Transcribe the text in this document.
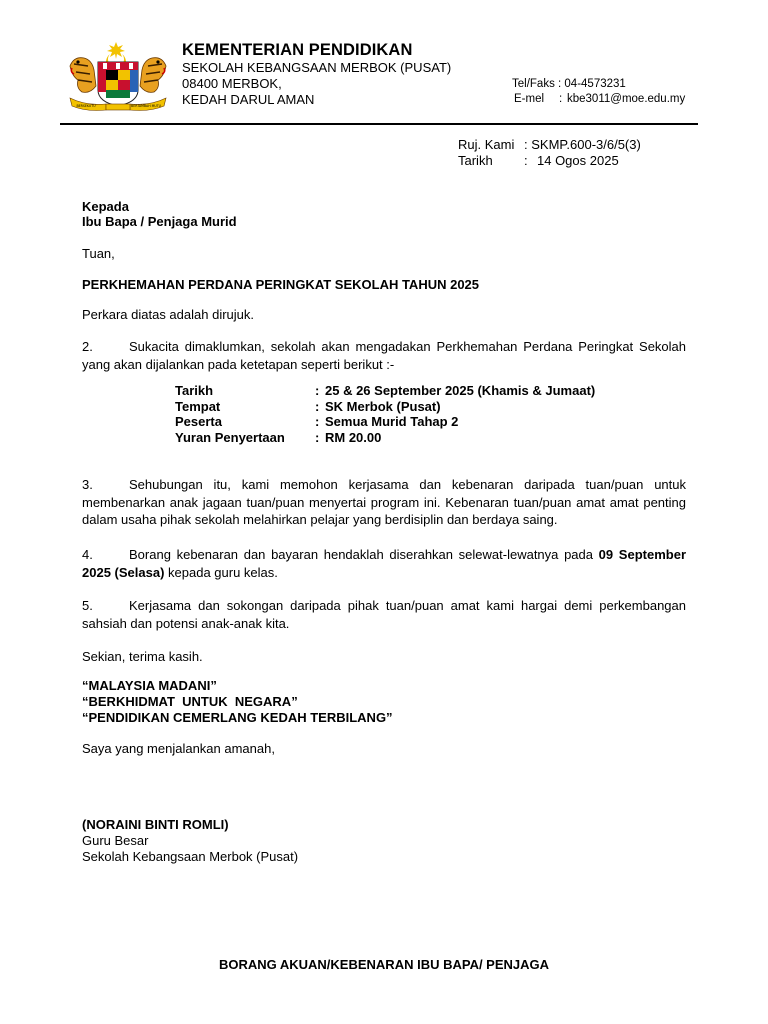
BERSEKUTU	BERTAMBAH MUTU
KEMENTERIAN PENDIDIKAN
SEKOLAH KEBANGSAAN MERBOK (PUSAT)
08400 MERBOK,
KEDAH DARUL AMAN
Tel/Faks : 04-4573231
E-mel : kbe3011@moe.edu.my
Ruj. Kami : SKMP.600-3/6/5(3)
Tarikh : 14 Ogos 2025
Kepada
Ibu Bapa / Penjaga Murid
Tuan,
PERKHEMAHAN PERDANA PERINGKAT SEKOLAH TAHUN 2025
Perkara diatas adalah dirujuk.
2.	Sukacita dimaklumkan, sekolah akan mengadakan Perkhemahan Perdana Peringkat Sekolah yang akan dijalankan pada ketetapan seperti berikut :-
Tarikh	: 25 & 26 September 2025 (Khamis & Jumaat)
Tempat	: SK Merbok (Pusat)
Peserta	: Semua Murid Tahap 2
Yuran Penyertaan : RM 20.00
3.	Sehubungan itu, kami memohon kerjasama dan kebenaran daripada tuan/puan untuk membenarkan anak jagaan tuan/puan menyertai program ini. Kebenaran tuan/puan amat amat penting dalam usaha pihak sekolah melahirkan pelajar yang berdisiplin dan berdaya saing.
4.	Borang kebenaran dan bayaran hendaklah diserahkan selewat-lewatnya pada 09 September 2025 (Selasa) kepada guru kelas.
5.	Kerjasama dan sokongan daripada pihak tuan/puan amat kami hargai demi perkembangan sahsiah dan potensi anak-anak kita.
Sekian, terima kasih.
“MALAYSIA MADANI”
“BERKHIDMAT  UNTUK  NEGARA”
“PENDIDIKAN CEMERLANG KEDAH TERBILANG”
Saya yang menjalankan amanah,
(NORAINI BINTI ROMLI)
Guru Besar
Sekolah Kebangsaan Merbok (Pusat)
BORANG AKUAN/KEBENARAN IBU BAPA/ PENJAGA
